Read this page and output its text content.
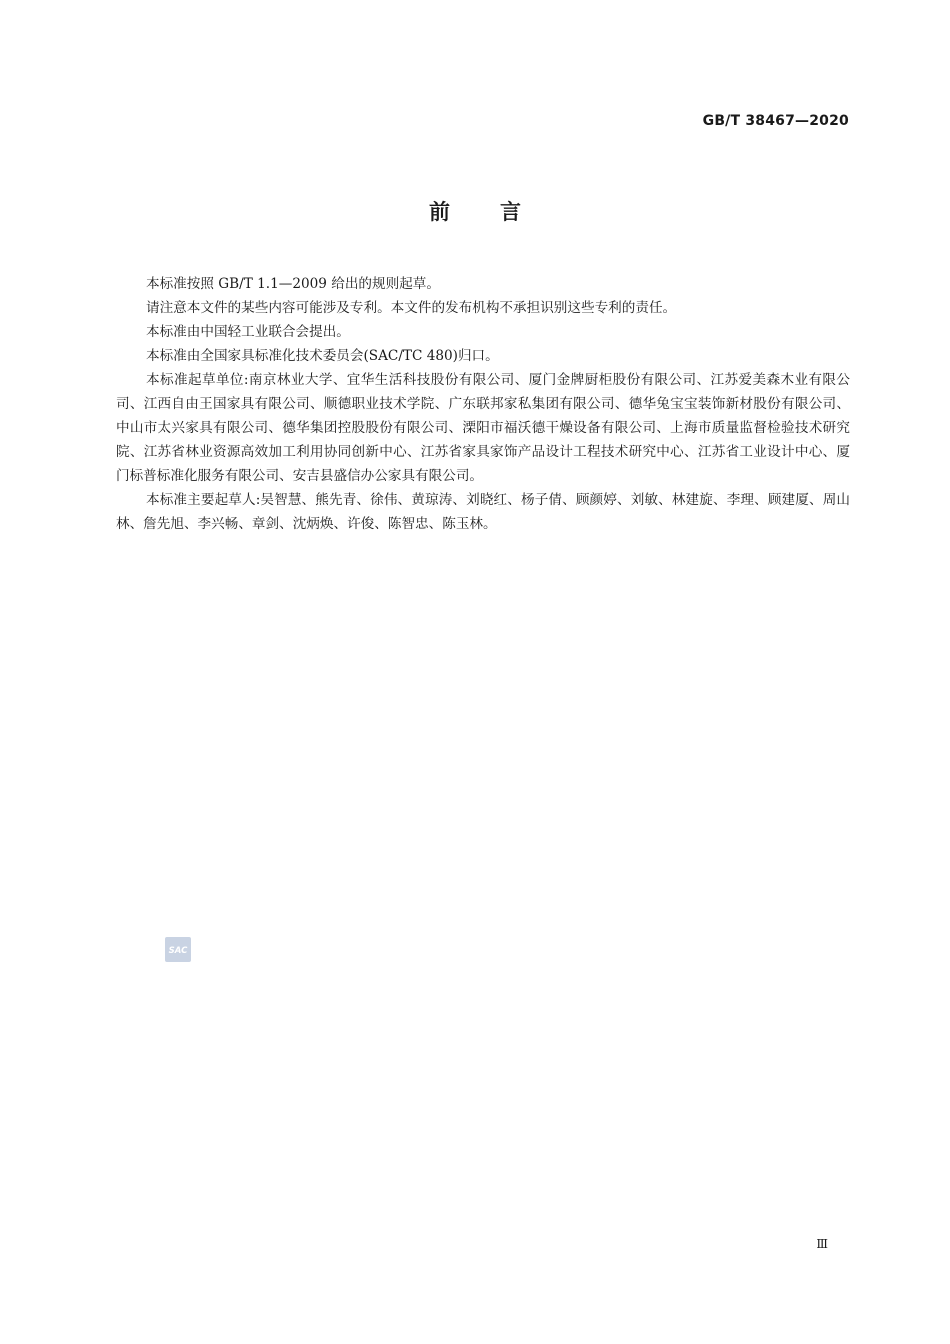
GB/T 38467—2020
前言

本标准按照 GB/T 1.1—2009 给出的规则起草。

请注意本文件的某些内容可能涉及专利。本文件的发布机构不承担识别这些专利的责任。

本标准由中国轻工业联合会提出。

本标准由全国家具标准化技术委员会(SAC/TC 480)归口。

本标准起草单位:南京林业大学、宜华生活科技股份有限公司、厦门金牌厨柜股份有限公司、江苏爱美森木业有限公司、江西自由王国家具有限公司、顺德职业技术学院、广东联邦家私集团有限公司、德华兔宝宝装饰新材股份有限公司、中山市太兴家具有限公司、德华集团控股股份有限公司、溧阳市福沃德干燥设备有限公司、上海市质量监督检验技术研究院、江苏省林业资源高效加工利用协同创新中心、江苏省家具家饰产品设计工程技术研究中心、江苏省工业设计中心、厦门标普标准化服务有限公司、安吉县盛信办公家具有限公司。

本标准主要起草人:吴智慧、熊先青、徐伟、黄琼涛、刘晓红、杨子倩、顾颜婷、刘敏、林建旋、李理、顾建厦、周山林、詹先旭、李兴畅、章剑、沈炳焕、许俊、陈智忠、陈玉林。

SAC
Ⅲ
